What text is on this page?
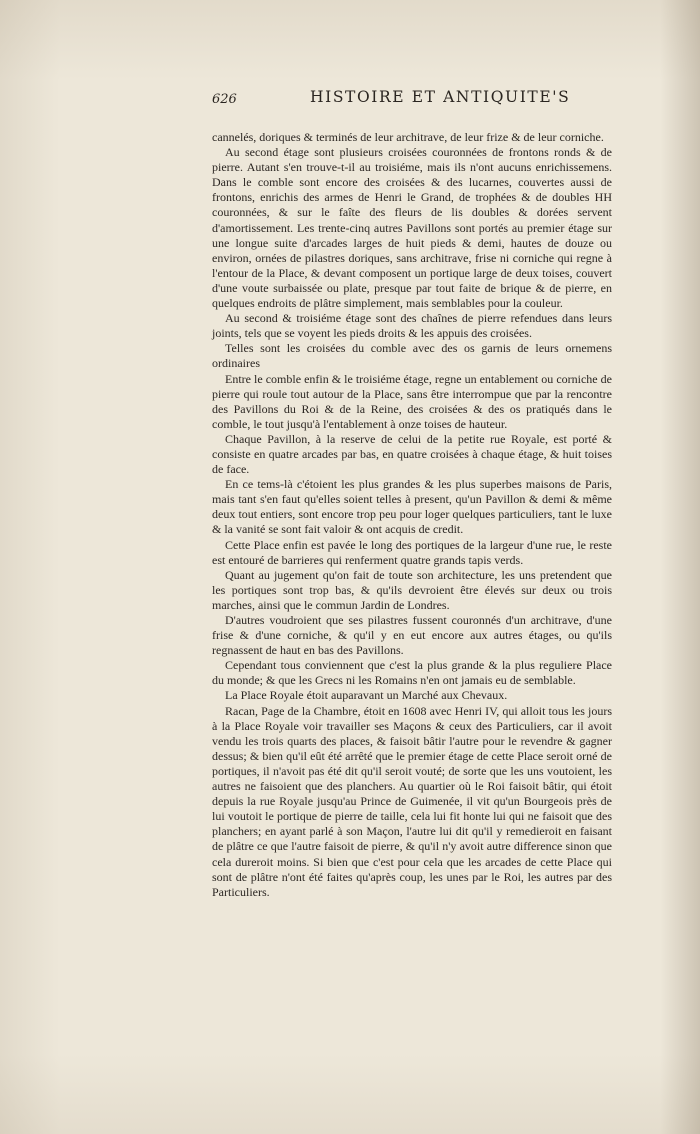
626	HISTOIRE ET ANTIQUITE'S

cannelés, doriques & terminés de leur architrave, de leur frize & de leur corniche.

Au second étage sont plusieurs croisées couronnées de frontons ronds & de pierre. Autant s'en trouve-t-il au troisiéme, mais ils n'ont aucuns enrichissemens. Dans le comble sont encore des croisées & des lucarnes, couvertes aussi de frontons, enrichis des armes de Henri le Grand, de trophées & de doubles HH couronnées, & sur le faîte des fleurs de lis doubles & dorées servent d'amortissement. Les trente-cinq autres Pavillons sont portés au premier étage sur une longue suite d'arcades larges de huit pieds & demi, hautes de douze ou environ, ornées de pilastres doriques, sans architrave, frise ni corniche qui regne à l'entour de la Place, & devant composent un portique large de deux toises, couvert d'une voute surbaissée ou plate, presque par tout faite de brique & de pierre, en quelques endroits de plâtre simplement, mais semblables pour la couleur.

Au second & troisiéme étage sont des chaînes de pierre refendues dans leurs joints, tels que se voyent les pieds droits & les appuis des croisées.

Telles sont les croisées du comble avec des os garnis de leurs ornemens ordinaires

Entre le comble enfin & le troisiéme étage, regne un entablement ou corniche de pierre qui roule tout autour de la Place, sans être interrompue que par la rencontre des Pavillons du Roi & de la Reine, des croisées & des os pratiqués dans le comble, le tout jusqu'à l'entablement à onze toises de hauteur.

Chaque Pavillon, à la reserve de celui de la petite rue Royale, est porté & consiste en quatre arcades par bas, en quatre croisées à chaque étage, & huit toises de face.

En ce tems-là c'étoient les plus grandes & les plus superbes maisons de Paris, mais tant s'en faut qu'elles soient telles à present, qu'un Pavillon & demi & même deux tout entiers, sont encore trop peu pour loger quelques particuliers, tant le luxe & la vanité se sont fait valoir & ont acquis de credit.

Cette Place enfin est pavée le long des portiques de la largeur d'une rue, le reste est entouré de barrieres qui renferment quatre grands tapis verds.

Quant au jugement qu'on fait de toute son architecture, les uns pretendent que les portiques sont trop bas, & qu'ils devroient être élevés sur deux ou trois marches, ainsi que le commun Jardin de Londres.

D'autres voudroient que ses pilastres fussent couronnés d'un architrave, d'une frise & d'une corniche, & qu'il y en eut encore aux autres étages, ou qu'ils regnassent de haut en bas des Pavillons.

Cependant tous conviennent que c'est la plus grande & la plus reguliere Place du monde; & que les Grecs ni les Romains n'en ont jamais eu de semblable.

La Place Royale étoit auparavant un Marché aux Chevaux.

Racan, Page de la Chambre, étoit en 1608 avec Henri IV, qui alloit tous les jours à la Place Royale voir travailler ses Maçons & ceux des Particuliers, car il avoit vendu les trois quarts des places, & faisoit bâtir l'autre pour le revendre & gagner dessus; & bien qu'il eût été arrêté que le premier étage de cette Place seroit orné de portiques, il n'avoit pas été dit qu'il seroit vouté; de sorte que les uns voutoient, les autres ne faisoient que des planchers. Au quartier où le Roi faisoit bâtir, qui étoit depuis la rue Royale jusqu'au Prince de Guimenée, il vit qu'un Bourgeois près de lui voutoit le portique de pierre de taille, cela lui fit honte lui qui ne faisoit que des planchers; en ayant parlé à son Maçon, l'autre lui dit qu'il y remedieroit en faisant de plâtre ce que l'autre faisoit de pierre, & qu'il n'y avoit autre difference sinon que cela dureroit moins. Si bien que c'est pour cela que les arcades de cette Place qui sont de plâtre n'ont été faites qu'après coup, les unes par le Roi, les autres par des Particuliers.
